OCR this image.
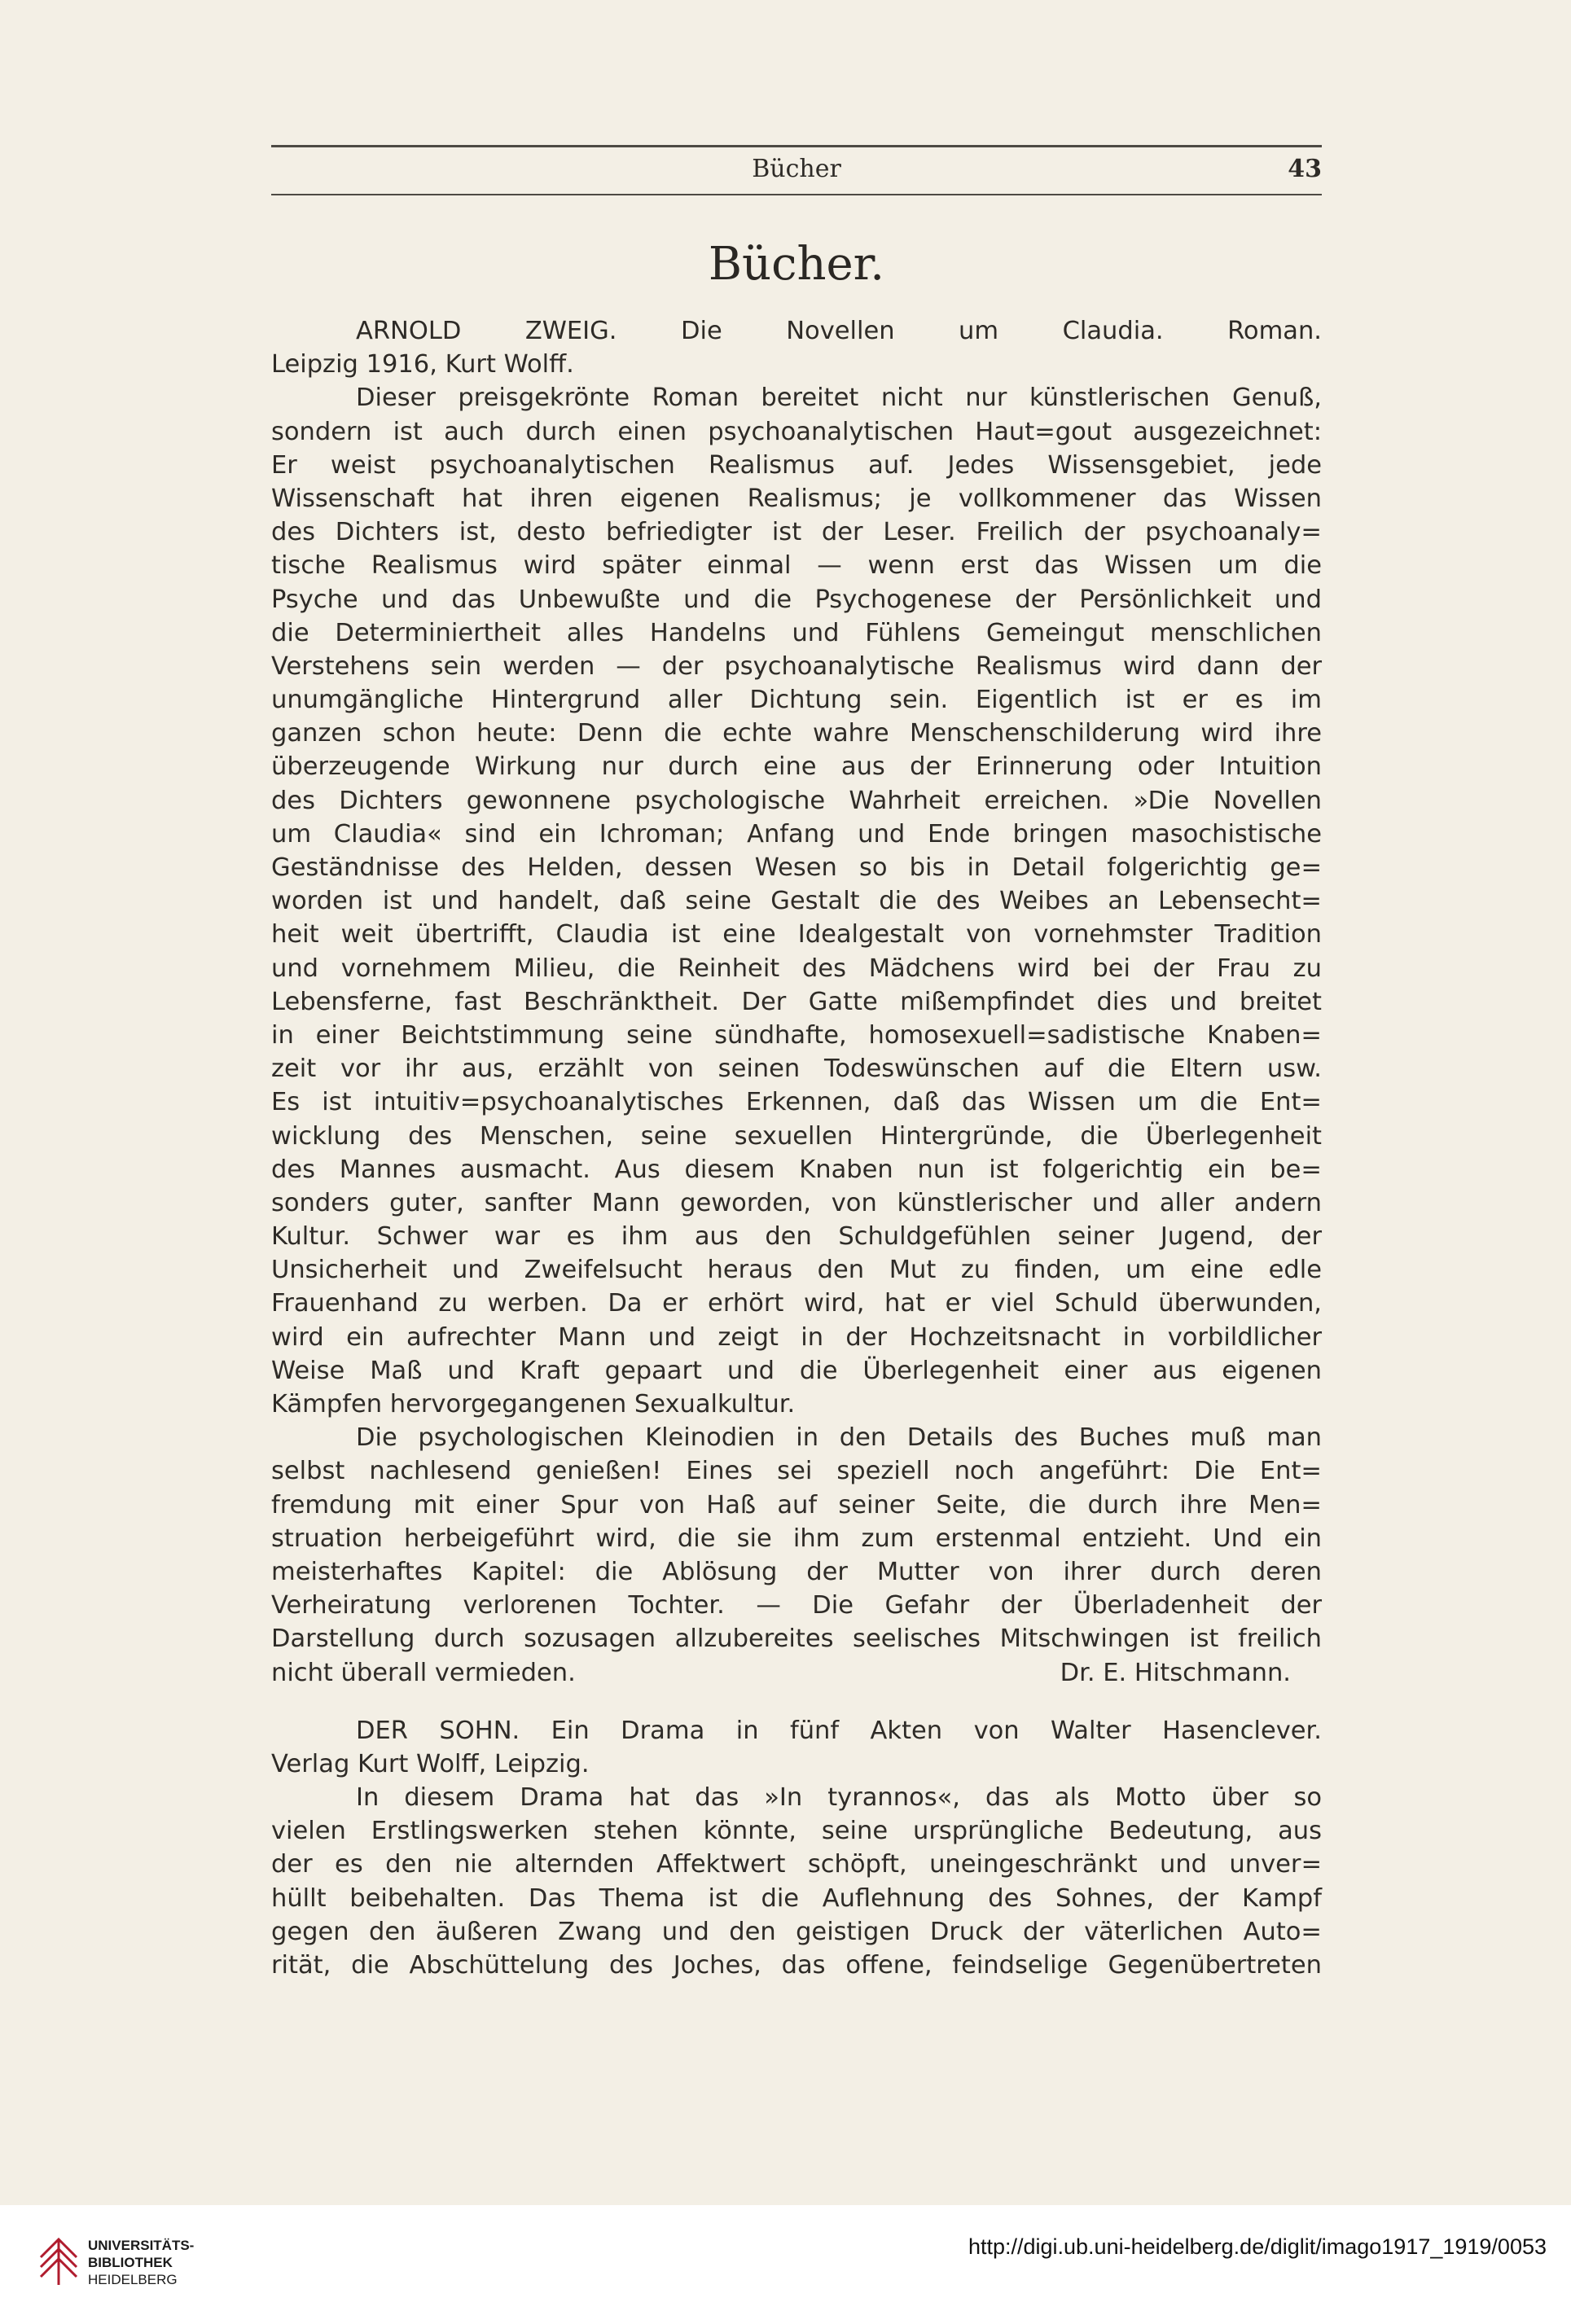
Bücher	43
Bücher.
ARNOLD ZWEIG. Die Novellen um Claudia. Roman.
Leipzig 1916, Kurt Wolff.
Dieser preisgekrönte Roman bereitet nicht nur künstlerischen Genuß,
sondern ist auch durch einen psychoanalytischen Haut=gout ausgezeichnet:
Er weist psychoanalytischen Realismus auf. Jedes Wissensgebiet, jede
Wissenschaft hat ihren eigenen Realismus; je vollkommener das Wissen
des Dichters ist, desto befriedigter ist der Leser. Freilich der psychoanaly=
tische Realismus wird später einmal — wenn erst das Wissen um die
Psyche und das Unbewußte und die Psychogenese der Persönlichkeit und
die Determiniertheit alles Handelns und Fühlens Gemeingut menschlichen
Verstehens sein werden — der psychoanalytische Realismus wird dann der
unumgängliche Hintergrund aller Dichtung sein. Eigentlich ist er es im
ganzen schon heute: Denn die echte wahre Menschenschilderung wird ihre
überzeugende Wirkung nur durch eine aus der Erinnerung oder Intuition
des Dichters gewonnene psychologische Wahrheit erreichen. »Die Novellen
um Claudia« sind ein Ichroman; Anfang und Ende bringen masochistische
Geständnisse des Helden, dessen Wesen so bis in Detail folgerichtig ge=
worden ist und handelt, daß seine Gestalt die des Weibes an Lebensecht=
heit weit übertrifft, Claudia ist eine Idealgestalt von vornehmster Tradition
und vornehmem Milieu, die Reinheit des Mädchens wird bei der Frau zu
Lebensferne, fast Beschränktheit. Der Gatte mißempfindet dies und breitet
in einer Beichtstimmung seine sündhafte, homosexuell=sadistische Knaben=
zeit vor ihr aus, erzählt von seinen Todeswünschen auf die Eltern usw.
Es ist intuitiv=psychoanalytisches Erkennen, daß das Wissen um die Ent=
wicklung des Menschen, seine sexuellen Hintergründe, die Überlegenheit
des Mannes ausmacht. Aus diesem Knaben nun ist folgerichtig ein be=
sonders guter, sanfter Mann geworden, von künstlerischer und aller andern
Kultur. Schwer war es ihm aus den Schuldgefühlen seiner Jugend, der
Unsicherheit und Zweifelsucht heraus den Mut zu finden, um eine edle
Frauenhand zu werben. Da er erhört wird, hat er viel Schuld überwunden,
wird ein aufrechter Mann und zeigt in der Hochzeitsnacht in vorbildlicher
Weise Maß und Kraft gepaart und die Überlegenheit einer aus eigenen
Kämpfen hervorgegangenen Sexualkultur.
Die psychologischen Kleinodien in den Details des Buches muß man
selbst nachlesend genießen! Eines sei speziell noch angeführt: Die Ent=
fremdung mit einer Spur von Haß auf seiner Seite, die durch ihre Men=
struation herbeigeführt wird, die sie ihm zum erstenmal entzieht. Und ein
meisterhaftes Kapitel: die Ablösung der Mutter von ihrer durch deren
Verheiratung verlorenen Tochter. — Die Gefahr der Überladenheit der
Darstellung durch sozusagen allzubereites seelisches Mitschwingen ist freilich
nicht überall vermieden.	Dr. E. Hitschmann.
DER SOHN. Ein Drama in fünf Akten von Walter Hasenclever.
Verlag Kurt Wolff, Leipzig.
In diesem Drama hat das »In tyrannos«, das als Motto über so
vielen Erstlingswerken stehen könnte, seine ursprüngliche Bedeutung, aus
der es den nie alternden Affektwert schöpft, uneingeschränkt und unver=
hüllt beibehalten. Das Thema ist die Auflehnung des Sohnes, der Kampf
gegen den äußeren Zwang und den geistigen Druck der väterlichen Auto=
rität, die Abschüttelung des Joches, das offene, feindselige Gegenübertreten
UNIVERSITÄTS-
BIBLIOTHEK
HEIDELBERG
http://digi.ub.uni-heidelberg.de/diglit/imago1917_1919/0053
